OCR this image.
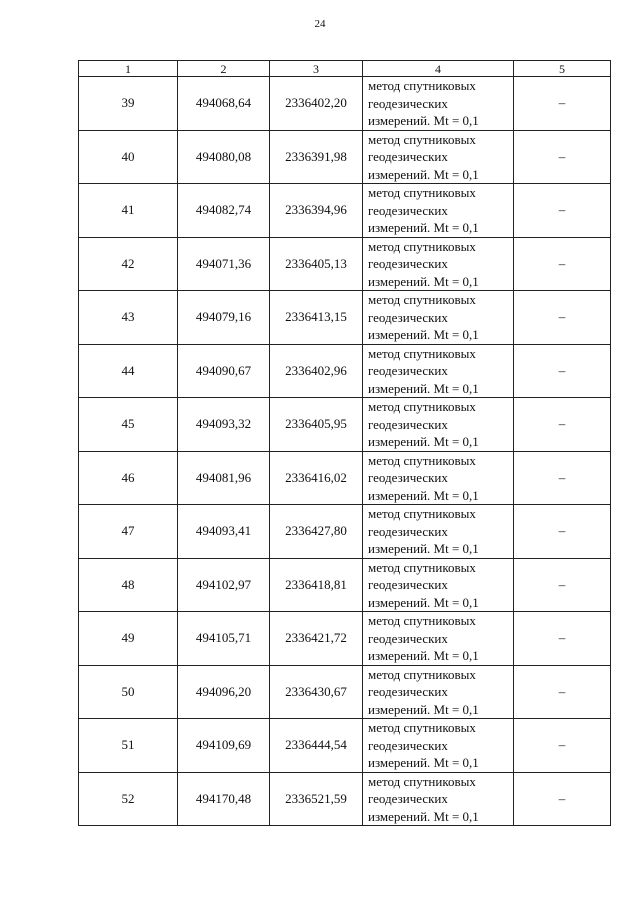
24
1	2	3	4	5
39	494068,64	2336402,20	метод спутниковых
геодезических
измерений. Mt = 0,1	–
40	494080,08	2336391,98	метод спутниковых
геодезических
измерений. Mt = 0,1	–
41	494082,74	2336394,96	метод спутниковых
геодезических
измерений. Mt = 0,1	–
42	494071,36	2336405,13	метод спутниковых
геодезических
измерений. Mt = 0,1	–
43	494079,16	2336413,15	метод спутниковых
геодезических
измерений. Mt = 0,1	–
44	494090,67	2336402,96	метод спутниковых
геодезических
измерений. Mt = 0,1	–
45	494093,32	2336405,95	метод спутниковых
геодезических
измерений. Mt = 0,1	–
46	494081,96	2336416,02	метод спутниковых
геодезических
измерений. Mt = 0,1	–
47	494093,41	2336427,80	метод спутниковых
геодезических
измерений. Mt = 0,1	–
48	494102,97	2336418,81	метод спутниковых
геодезических
измерений. Mt = 0,1	–
49	494105,71	2336421,72	метод спутниковых
геодезических
измерений. Mt = 0,1	–
50	494096,20	2336430,67	метод спутниковых
геодезических
измерений. Mt = 0,1	–
51	494109,69	2336444,54	метод спутниковых
геодезических
измерений. Mt = 0,1	–
52	494170,48	2336521,59	метод спутниковых
геодезических
измерений. Mt = 0,1	–
